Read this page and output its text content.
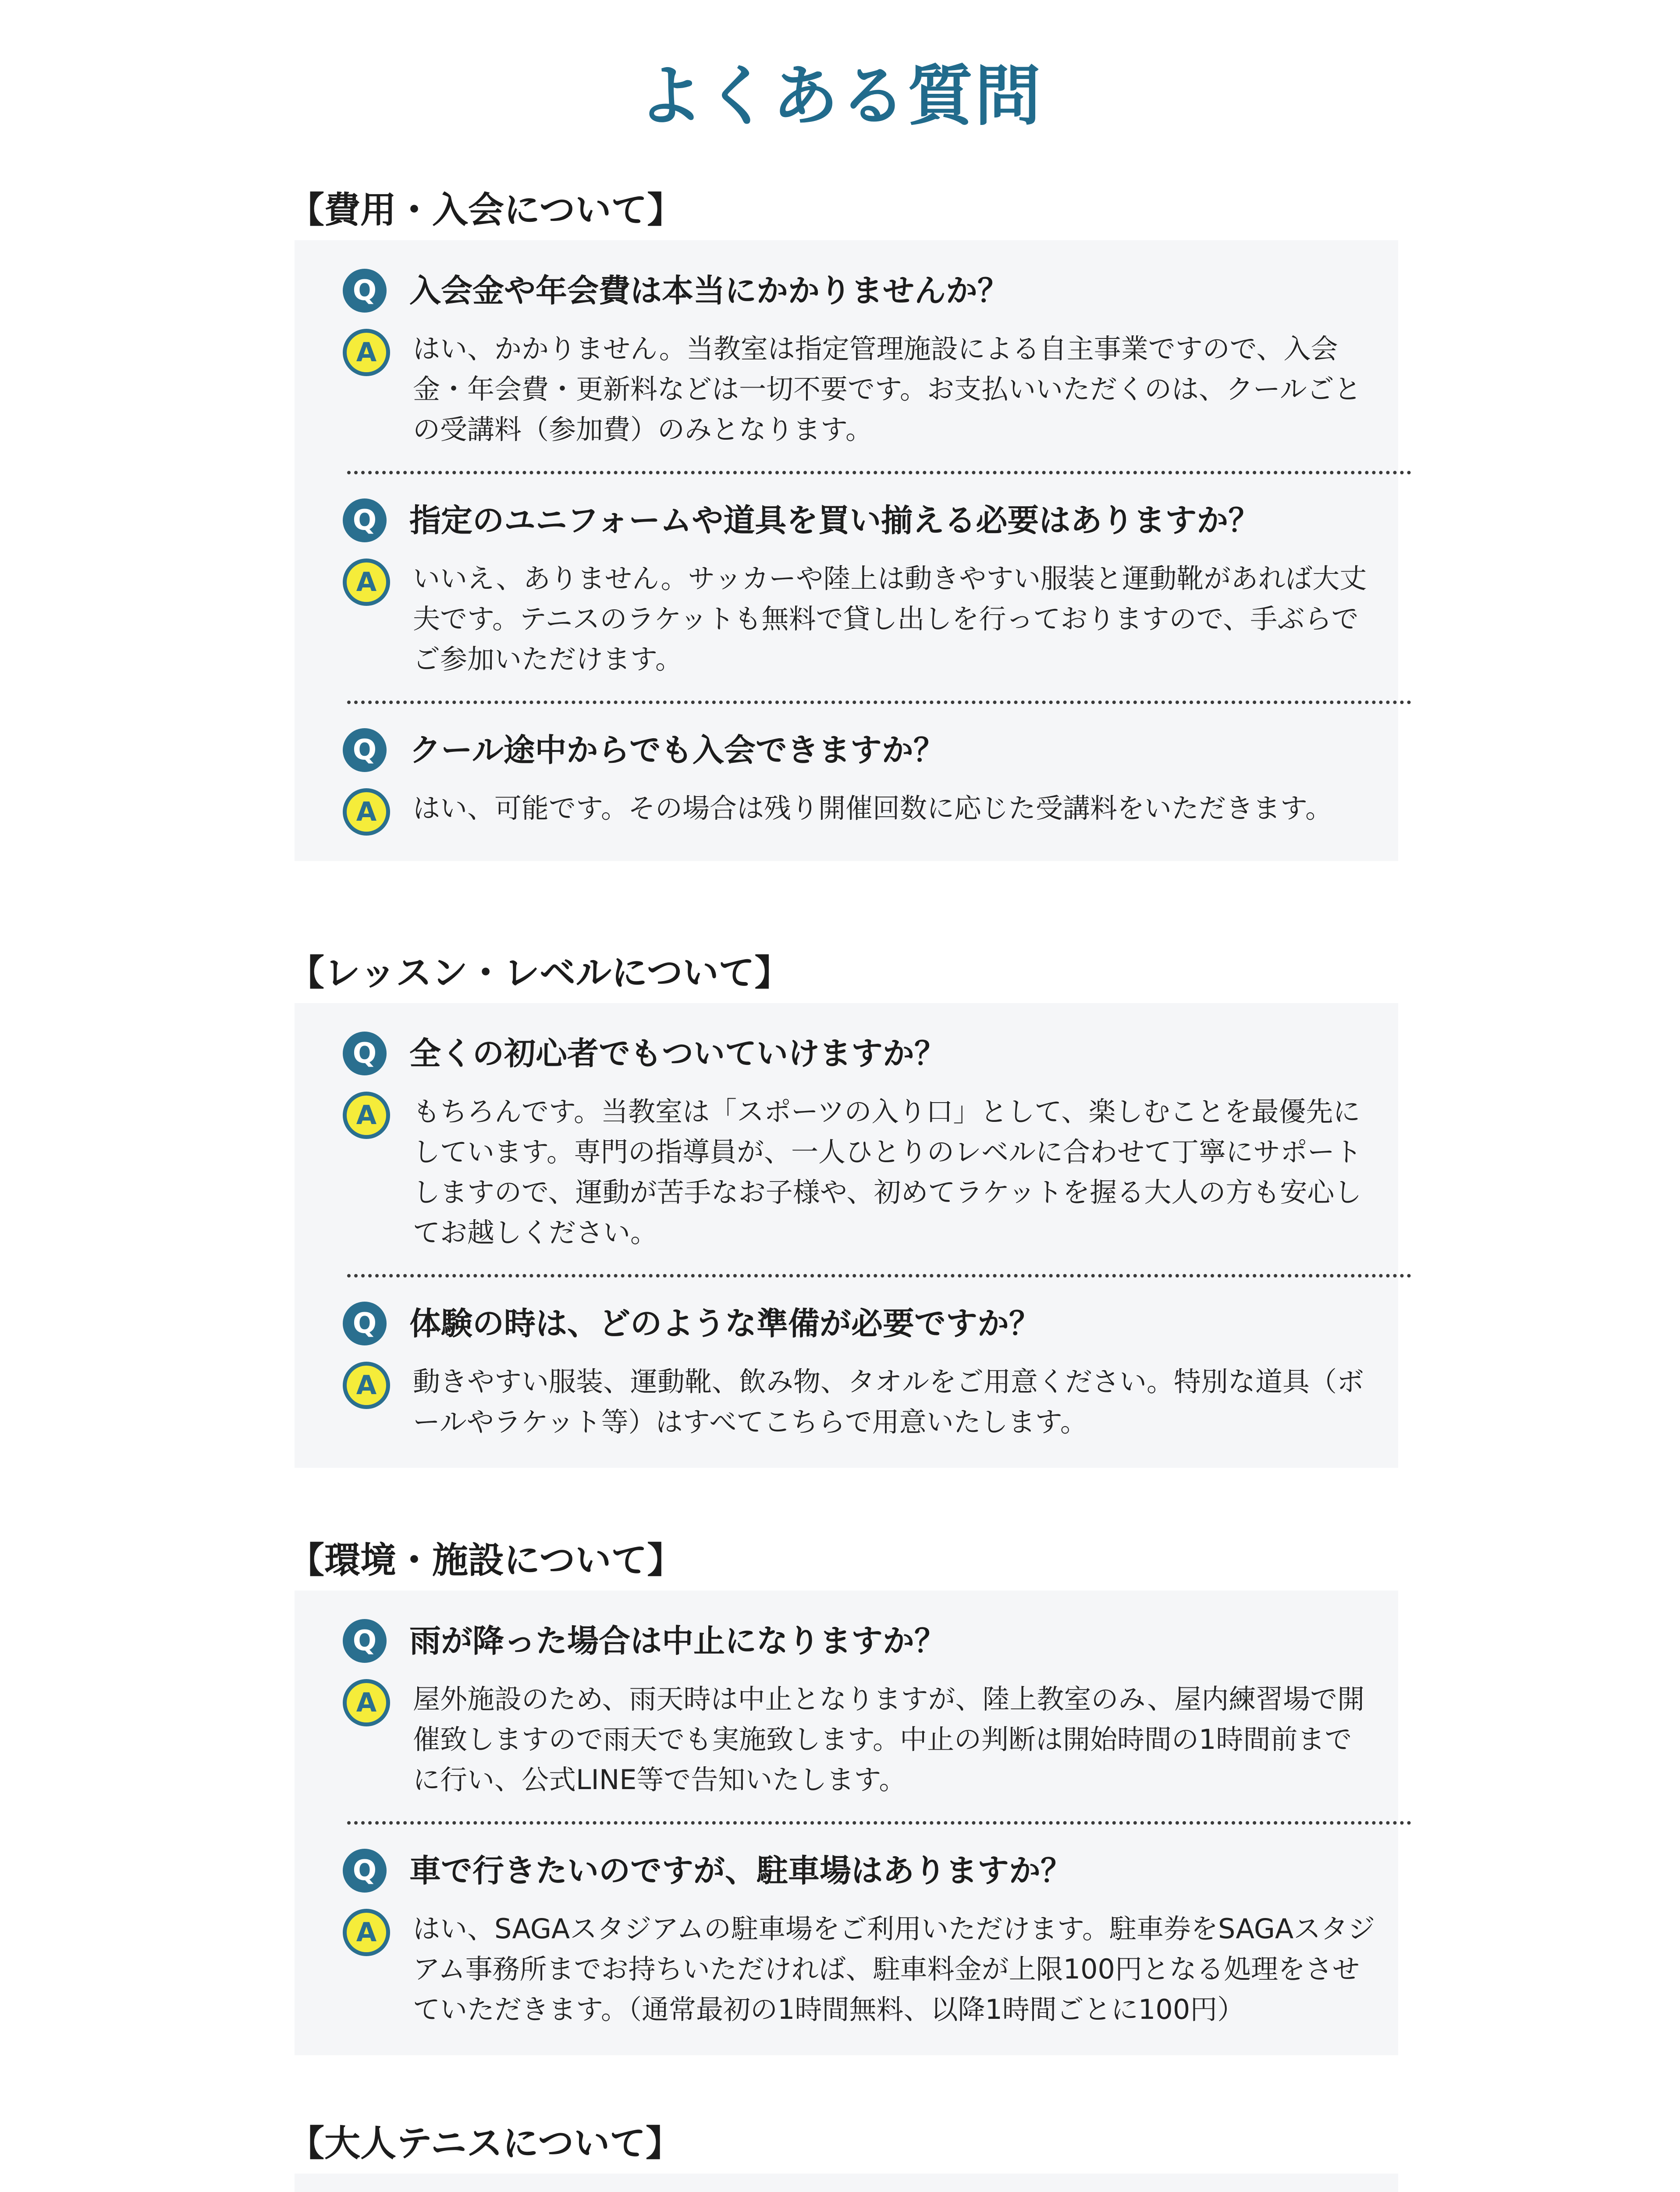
よくある質問
【費用・入会について】
Q	入会金や年会費は本当にかかりませんか？
A	はい、かかりません。当教室は指定管理施設による自主事業ですので、入会金・年会費・更新料などは一切不要です。お支払いいただくのは、クールごとの受講料（参加費）のみとなります。
Q	指定のユニフォームや道具を買い揃える必要はありますか？
A	いいえ、ありません。サッカーや陸上は動きやすい服装と運動靴があれば大丈夫です。テニスのラケットも無料で貸し出しを行っておりますので、手ぶらでご参加いただけます。
Q	クール途中からでも入会できますか？
A	はい、可能です。その場合は残り開催回数に応じた受講料をいただきます。
【レッスン・レベルについて】
Q	全くの初心者でもついていけますか？
A	もちろんです。当教室は「スポーツの入り口」として、楽しむことを最優先にしています。専門の指導員が、一人ひとりのレベルに合わせて丁寧にサポートしますので、運動が苦手なお子様や、初めてラケットを握る大人の方も安心してお越しください。
Q	体験の時は、どのような準備が必要ですか？
A	動きやすい服装、運動靴、飲み物、タオルをご用意ください。特別な道具（ボールやラケット等）はすべてこちらで用意いたします。
【環境・施設について】
Q	雨が降った場合は中止になりますか？
A	屋外施設のため、雨天時は中止となりますが、陸上教室のみ、屋内練習場で開催致しますので雨天でも実施致します。中止の判断は開始時間の1時間前までに行い、公式LINE等で告知いたします。
Q	車で行きたいのですが、駐車場はありますか？
A	はい、SAGAスタジアムの駐車場をご利用いただけます。駐車券をSAGAスタジアム事務所までお持ちいただければ、駐車料金が上限100円となる処理をさせていただきます。（通常最初の1時間無料、以降1時間ごとに100円）
【大人テニスについて】
